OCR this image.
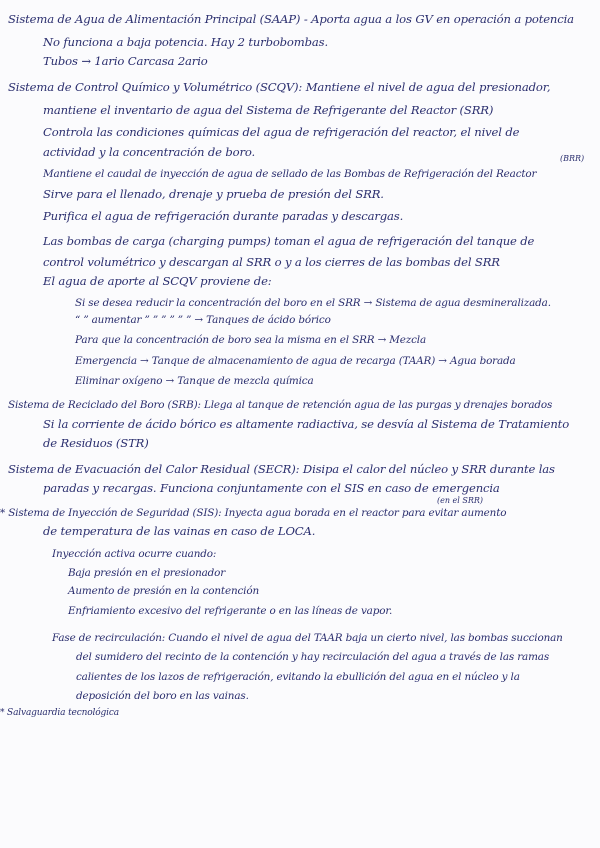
Sistema de Agua de Alimentación Principal (SAAP) - Aporta agua a los GV en operación a potencia
No funciona a baja potencia. Hay 2 turbobombas.
Tubos → 1ario Carcasa 2ario
Sistema de Control Químico y Volumétrico (SCQV): Mantiene el nivel de agua del presionador,
mantiene el inventario de agua del Sistema de Refrigerante del Reactor (SRR)
Controla las condiciones químicas del agua de refrigeración del reactor, el nivel de
actividad y la concentración de boro.
Mantiene el caudal de inyección de agua de sellado de las Bombas de Refrigeración del Reactor
(BRR)
Sirve para el llenado, drenaje y prueba de presión del SRR.
Purifica el agua de refrigeración durante paradas y descargas.
Las bombas de carga (charging pumps) toman el agua de refrigeración del tanque de
control volumétrico y descargan al SRR o y a los cierres de las bombas del SRR
El agua de aporte al SCQV proviene de:
Si se desea reducir la concentración del boro en el SRR → Sistema de agua desmineralizada.
“ ” aumentar ” ” ” ” ” ” → Tanques de ácido bórico
Para que la concentración de boro sea la misma en el SRR → Mezcla
Emergencia → Tanque de almacenamiento de agua de recarga (TAAR) → Agua borada
Eliminar oxígeno → Tanque de mezcla química
Sistema de Reciclado del Boro (SRB): Llega al tanque de retención agua de las purgas y drenajes borados
Si la corriente de ácido bórico es altamente radiactiva, se desvía al Sistema de Tratamiento
de Residuos (STR)
Sistema de Evacuación del Calor Residual (SECR): Disipa el calor del núcleo y SRR durante las
paradas y recargas. Funciona conjuntamente con el SIS en caso de emergencia
* Sistema de Inyección de Seguridad (SIS): Inyecta agua borada en el reactor para evitar aumento
(en el SRR)
de temperatura de las vainas en caso de LOCA.
Inyección activa ocurre cuando:
Baja presión en el presionador
Aumento de presión en la contención
Enfriamiento excesivo del refrigerante o en las líneas de vapor.
Fase de recirculación: Cuando el nivel de agua del TAAR baja un cierto nivel, las bombas succionan
del sumidero del recinto de la contención y hay recirculación del agua a través de las ramas
calientes de los lazos de refrigeración, evitando la ebullición del agua en el núcleo y la
deposición del boro en las vainas.
* Salvaguardia tecnológica
